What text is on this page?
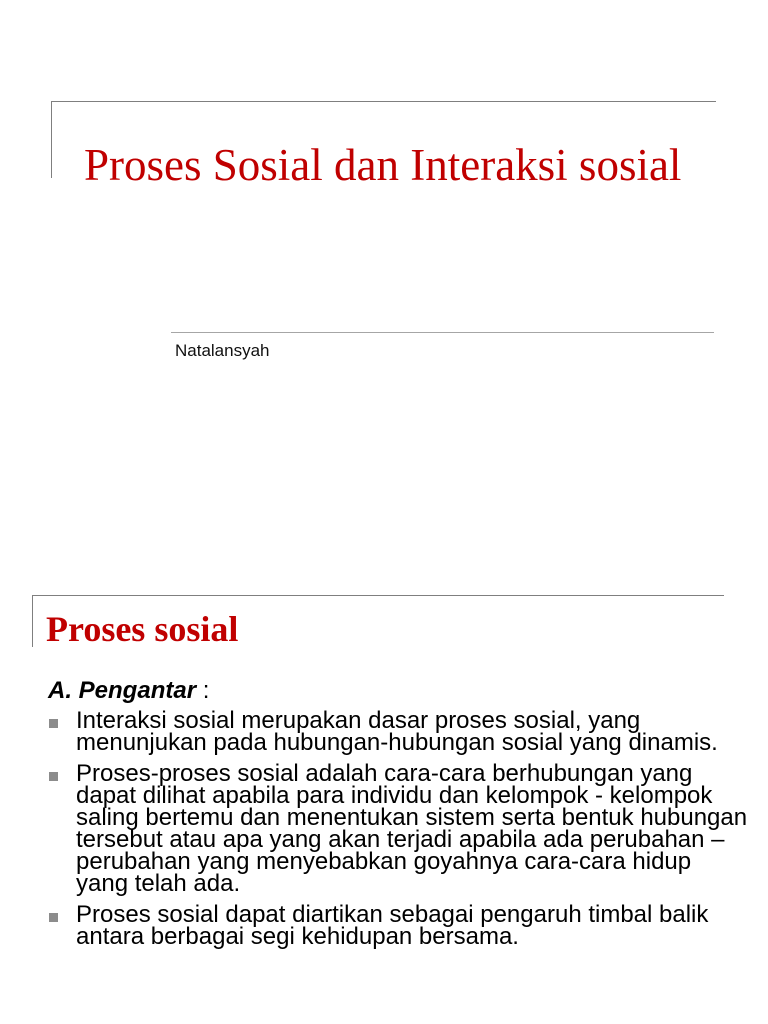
Proses Sosial dan Interaksi sosial

Natalansyah

Proses sosial

A. Pengantar :

Interaksi sosial merupakan dasar proses sosial, yang menunjukan pada hubungan-hubungan sosial yang dinamis.
Proses-proses sosial adalah cara-cara berhubungan yang dapat dilihat apabila para individu dan kelompok - kelompok saling bertemu dan menentukan sistem serta bentuk hubungan tersebut atau apa yang akan terjadi apabila ada perubahan – perubahan yang menyebabkan goyahnya cara-cara hidup yang telah ada.
Proses sosial dapat diartikan sebagai pengaruh timbal balik antara berbagai segi kehidupan bersama.
